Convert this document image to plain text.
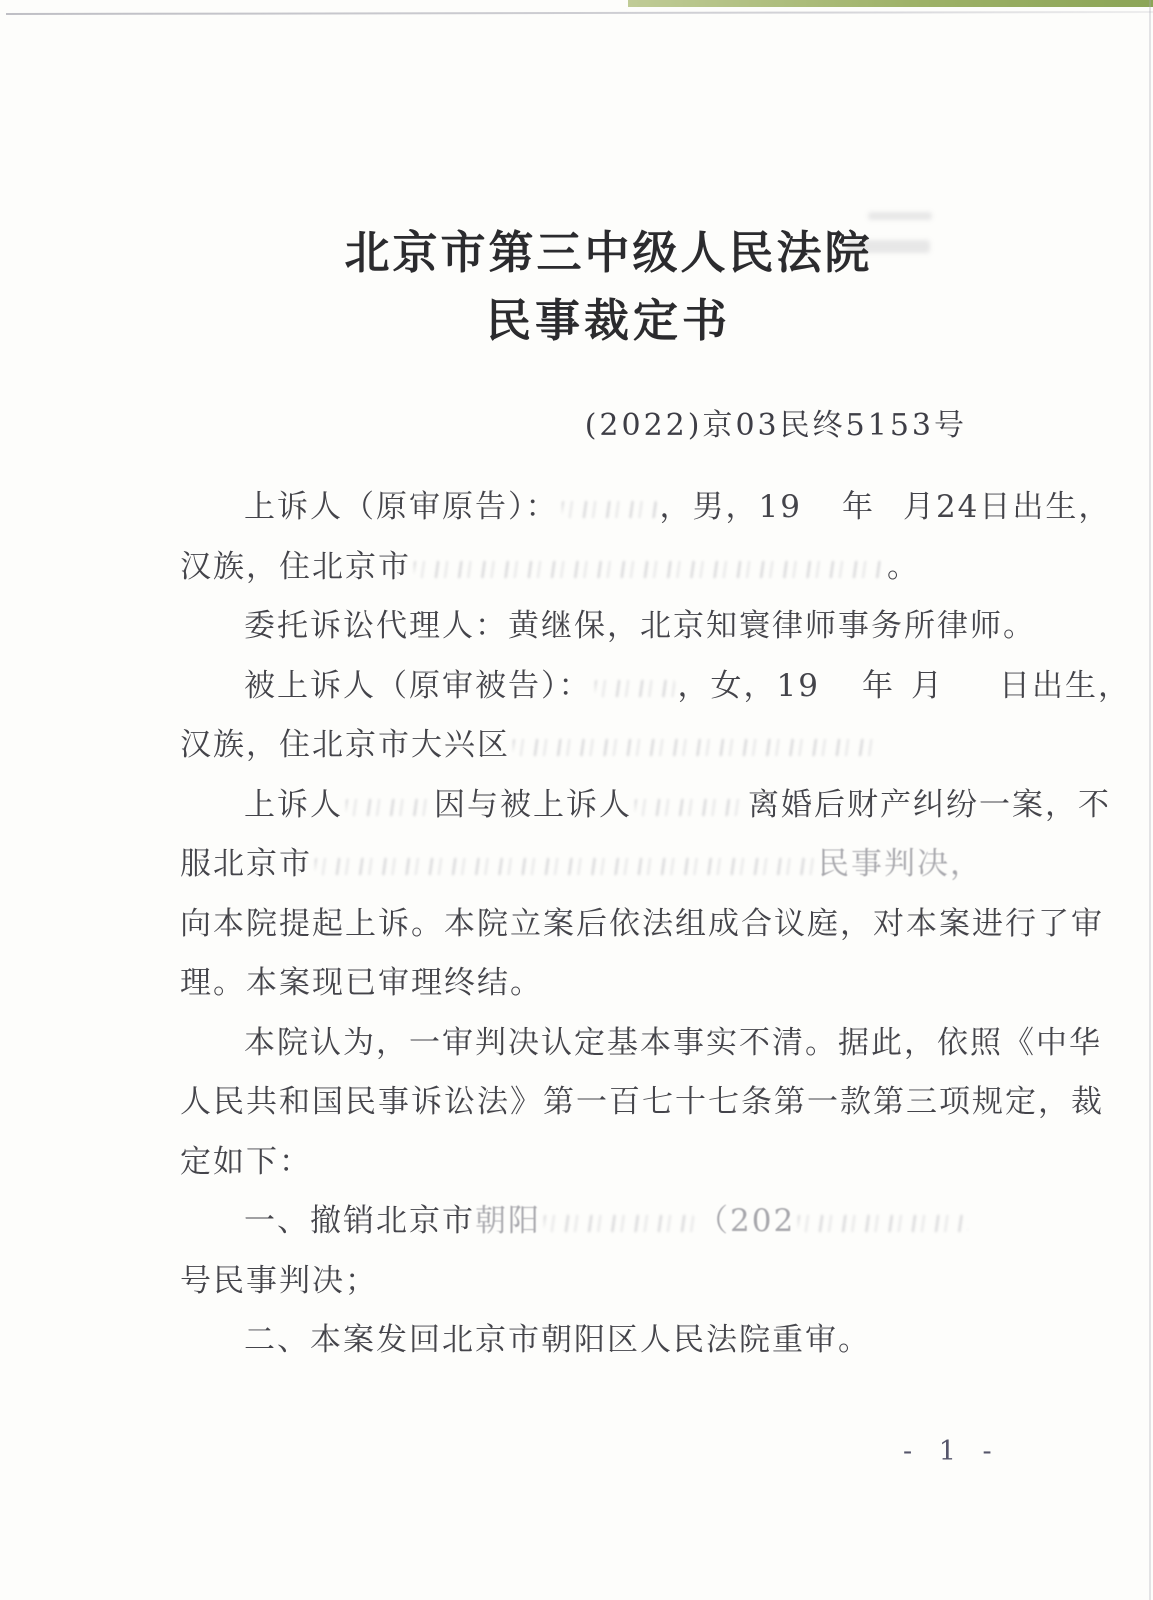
北京市第三中级人民法院
民事裁定书
(2022)京03民终5153号
上诉人（原审原告）：	，男，19 年 月24日出生，
汉族，住北京市	。
委托诉讼代理人：黄继保，北京知寰律师事务所律师。
被上诉人（原审被告）：	，女，19 年 月 日出生，
汉族，住北京市大兴区
上诉人	因与被上诉人	离婚后财产纠纷一案，不
服北京市	民事判决，
向本院提起上诉。本院立案后依法组成合议庭，对本案进行了审
理。本案现已审理终结。
本院认为，一审判决认定基本事实不清。据此，依照《中华
人民共和国民事诉讼法》第一百七十七条第一款第三项规定，裁
定如下：
一、撤销北京市朝阳	（202
号民事判决；
二、本案发回北京市朝阳区人民法院重审。
- 1 -
